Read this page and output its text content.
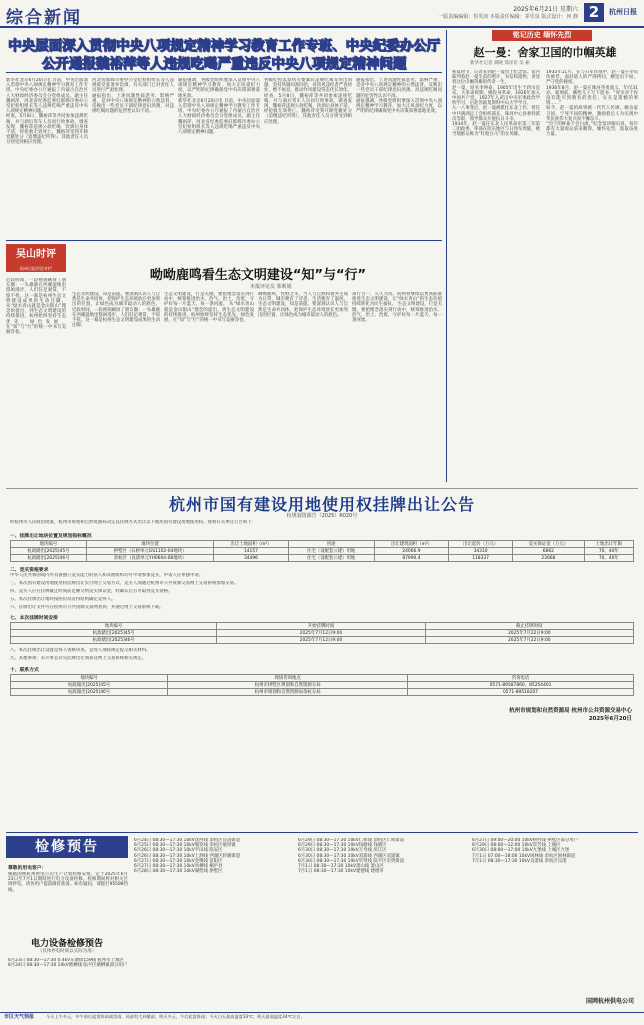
综合新闻	2025年6月21日 星期六
一版责编编辑：侯英沛 本版责任编辑：茅乐泉 版式设计：何 静 2	杭州日报
中央层面深入贯彻中央八项规定精神学习教育工作专班、中央纪委办公厅
公开通报魏裕萍等人违规吃喝严重违反中央八项规定精神问题
新华社北京6月20日电 目前，中央层面深入贯彻中央八项规定精神学习教育工作专班、中央纪委办公厅通报了内蒙古自治区人大财政经济委员会分党组成员、副主任魏裕萍，河北省纪委监委驻邯郸市委办公室纪检组组长等人违规吃喝严重违反中央八项规定精神问题。
经查，5月8日，魏裕萍等共同参加违规吃喝，并与酒后驾车人员同行致事故。调查发现，魏裕萍违规公款吃喝，饮酒后身体不适，经抢救无效死亡。魏裕萍受到开除党籍处分（追缴违纪所得），其他责任人员分别受到相应处理。
河北省邯郸市委办公室纪检组组长等人违规接受宴请并饮酒，有关部门已对责任人员进行严肃处理。
通报指出，上述问题性质恶劣、影响严重，是对中央八项规定精神的公然违背，反映出一些党员干部纪律意识淡薄，对违规吃喝问题的危害性认识不清。
通报强调，各级党组织要深入贯彻中央八项规定精神学习教育，加大正风肃纪力度，以严明的纪律确保党中央决策部署落地见效。
新华社北京6月20日电 目前，中央层面深入贯彻中央八项规定精神学习教育工作专班、中央纪委办公厅通报了内蒙古自治区人大财政经济委员会分党组成员、副主任魏裕萍，河北省纪委监委驻邯郸市委办公室纪检组组长等人违规吃喝严重违反中央八项规定精神问题。
各级纪检监察机关要紧盯违规吃喝等突出问题，坚持风腐同查同治，对顶风违纪者严查快处、绝不姑息，推动作风建设常态化长效化。
经查，5月8日，魏裕萍等共同参加违规吃喝，并与酒后驾车人员同行致事故。调查发现，魏裕萍违规公款吃喝，饮酒后身体不适，经抢救无效死亡。魏裕萍受到开除党籍处分（追缴违纪所得），其他责任人员分别受到相应处理。
通报指出，上述问题性质恶劣、影响严重，是对中央八项规定精神的公然违背，反映出一些党员干部纪律意识淡薄，对违规吃喝问题的危害性认识不清。
通报强调，各级党组织要深入贯彻中央八项规定精神学习教育，加大正风肃纪力度，以严明的纪律确保党中央决策部署落地见效。
吴山时评
杭州日报评论专栏
近段时间，一段视频刷屏了朋友圈：一头雄鹿在西溪湿地里悠闲漫步，人们驻足观赏，不惊不扰。这一幕是杭州生态文明建设成果的生动注脚。 从“绿水青山就是金山银山”理念的提出，到生态文明建设的持续推进，杭州始终坚持生态优先、绿色发展，在“知”与“行”的统一中书写美丽答卷。
呦呦鹿鸣看生态文明建设“知”与“行”
本报评论员 郑莉娟
生态文明建设，知是前提。要深刻认识人与自然是生命共同体，把保护生态环境放在更加突出的位置，让绿色成为城市最动人的底色。 近段时间，一段视频刷屏了朋友圈：一头雄鹿在西溪湿地里悠闲漫步，人们驻足观赏，不惊不扰。这一幕是杭州生态文明建设成果的生动注脚。
生态文明建设，行是关键。要把理念落实到行动中，统筹推进治水、治气、治土、治废，守护好每一片蓝天、每一条河流。 从“绿水青山就是金山银山”理念的提出，到生态文明建设的持续推进，杭州始终坚持生态优先、绿色发展，在“知”与“行”的统一中书写美丽答卷。
呦呦鹿鸣，食野之苹。当人与自然和谐共生成为日常，城市便有了诗意，生活便有了温度。 生态文明建设，知是前提。要深刻认识人与自然是生命共同体，把保护生态环境放在更加突出的位置，让绿色成为城市最动人的底色。
知行合一，久久为功。杭州将继续以更高标准推进生态文明建设，让“绿水青山”的生态价值持续转化为民生福祉。 生态文明建设，行是关键。要把理念落实到行动中，统筹推进治水、治气、治土、治废，守护好每一片蓝天、每一条河流。
铭记历史 缅怀先烈
赵一曼：舍家卫国的巾帼英雄
新华社记者 胡晓 郑泽臣 吴 振
初夏时节，记者来到赵一曼烈士纪念馆。馆内陈列着赵一曼生前的照片、书信和遗物，讲述着这位巾帼英雄的传奇一生。
赵一曼，原名李坤泰，1905年出生于四川宜宾。大革命时期，她投身革命，1926年加入中国共产党。1927年入武汉中央军事政治学校学习，后赴苏联莫斯科中山大学学习。
九一八事变后，赵一曼被派往东北工作，曾任中共满洲总工会组织部长、珠河中心县委特派员等职，领导群众开展抗日斗争。
1934年，赵一曼任东北人民革命军第三军第二团政委，率部在哈东地区与日伪军周旋，被当地群众称为“红枪白马”的女英雄。
1935年11月，在与日军作战中，赵一曼不幸负伤被俘。面对敌人的严刑拷问，她坚贞不屈，严守党的秘密。
1936年8月，赵一曼在珠河英勇就义，年仅31岁。临刑前，她给儿子写下遗书：“母亲对于你没有能尽到教育的责任，实在是遗憾的事情……”
如今，赵一曼的故事被一代代人传颂。她舍家卫国、宁死不屈的精神，激励着后人为实现中华民族伟大复兴而不懈奋斗。
“烈士的鲜血不会白流。”纪念馆讲解员说，每年都有大量观众前来瞻仰，缅怀先烈，汲取奋进力量。
杭州市国有建设用地使用权挂牌出让公告
杭规划资源告（2025）R020号
经杭州市人民政府批准，杭州市规划和自然资源局决定以挂牌方式出让以下地块国有建设用地使用权。现将有关事宜公告如下：
一、挂牌出让地块位置及规划指标概况
地块编号	地块位置	出让土地面积（m²）	用途	出让建筑面积（m²）	出让起价（万元）	竞买保证金（万元）	土地出让年限
杭政储出[2025]45号	拱墅区（石桥单元GS1102-04地块）	14157	住宅（设配套公建）用地	24066.9	34310	6862	70、40年
杭政储出[2025]46号	余杭区（良渚单元YH0604-08地块）	34496	住宅（设配套公建）用地	87990.4	118337	23668	70、40年
二、竞买资格要求
中华人民共和国境内外具备独立竞买能力的法人和其他组织均可申请参加竞买，申请人应单独申请。
三、本次国有建设用地使用权挂牌出让实行网上交易方式，竞买人须通过杭州市公共资源交易网上交易系统参加交易。
四、竞买人应在挂牌截止时间前足额交纳竞买保证金，经确认后方可取得竞买资格。
五、本次挂牌出让地块按照价高者得原则确定竞得人。
六、挂牌出让文件可在杭州市公共资源交易网查询，并通过网上交易系统下载。
七、本次挂牌时间安排
地块编号	开始挂牌时间	截止挂牌时间
杭政储出[2025]45号	2025年7月12日9:00	2025年7月22日9:00
杭政储出[2025]46号	2025年7月12日9:00	2025年7月22日9:00
八、本次挂牌出让设置竞得人资格审查，竞得人须按规定提交相关材料。
九、其他事项：未尽事宜详见挂牌出让须知及网上交易系统相关规定。
十、联系方式
地块编号	现场咨询地点	咨询电话
杭政储出[2025]45号	杭州市拱墅区规划和自然资源分局	0571-89587860、85254401
杭政储出[2025]46号	杭州市规划和自然资源局余杭分局	0571-89518207
杭州市规划和自然资源局 杭州市公共资源交易中心
2025年6月20日
检修预告
尊敬的用电客户：
根据国网杭州供电公司生产计划检修安排，定于2025年6月23日至7月1日期间进行电力设备检修。检修期间将对相关区域停电，请各用户提前做好准备。如有疑问，请拨打95598热线。
电力设备检修预告
（具体停电时间以实际为准）
6月23日 08:30—17:30 0.4kV东塘街159线 杭州市上城区
6月24日 08:30—17:30 10kV塘栖线 临平区塘栖镇部分用户
6月24日 08:30—17:30 10kV沈西线 余杭区良渚街道
6月25日 08:30—17:30 10kV瓶窑线 余杭区瓶窑镇
6月26日 08:30—17:30 10kV平田线 临安区
6月26日 08:30—17:30 10kV上泗线 西湖区转塘街道
6月27日 08:30—17:30 10kV金鹰线 富阳区
6月27日 08:30—17:30 10kV凤栖线 桐庐县
6月28日 08:30—17:30 10kV湖墅线 拱墅区
6月29日 08:30—17:30 10kV仁和线 余杭区仁和街道
6月29日 08:30—17:30 10kV钱塘线 钱塘区
6月30日 08:30—17:30 10kV万寿线 滨江区
6月30日 08:30—17:30 10kV双浦线 西湖区双浦镇
6月30日 08:30—17:30 10kV崇贤线 临平区崇贤街道
7月1日 08:30—17:30 10kV萧山线 萧山区
7月1日 08:30—17:30 10kV建德线 建德市
6月27日 09:00—20:00 10kV桥西线 拱墅区部分用户
6月29日 08:00—12:00 10kV景芳线 上城区
6月30日 08:00—17:00 10kV九堡线 上城区九堡
7月1日 07:00—18:00 10kV闲林线 余杭区闲林街道
7月1日 08:30—17:30 10kV良渚线 余杭区良渚
国网杭州供电公司
市区天气预报	今天上午多云，中午前后起雷阵雨或雷雨，局部有大到暴雨；明天多云，午后起雷阵雨；今天白天最高温度33℃；明天最高温度34℃左右。
